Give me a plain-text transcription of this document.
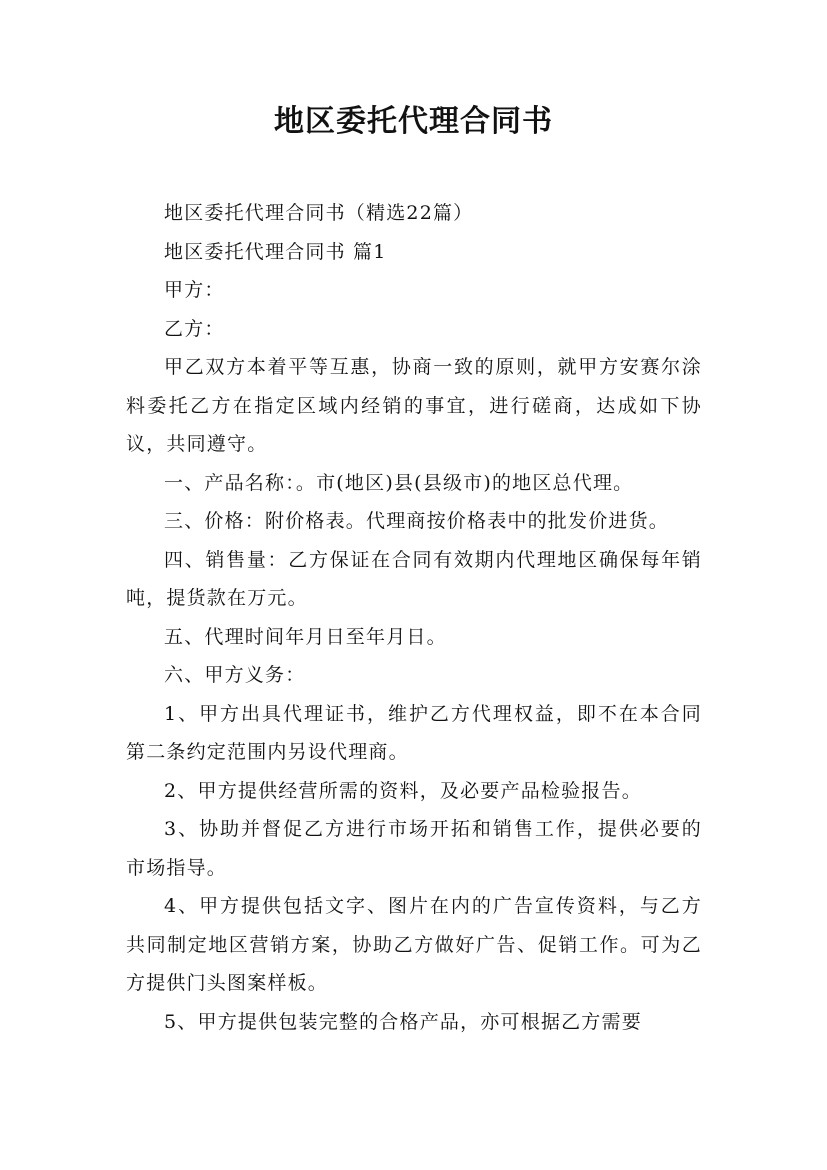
地区委托代理合同书

地区委托代理合同书（精选22篇）

地区委托代理合同书 篇1

甲方：

乙方：

甲乙双方本着平等互惠，协商一致的原则，就甲方安赛尔涂料委托乙方在指定区域内经销的事宜，进行磋商，达成如下协议，共同遵守。

一、产品名称：。市(地区)县(县级市)的地区总代理。

三、价格：附价格表。代理商按价格表中的批发价进货。

四、销售量：乙方保证在合同有效期内代理地区确保每年销吨，提货款在万元。

五、代理时间年月日至年月日。

六、甲方义务：

1、甲方出具代理证书，维护乙方代理权益，即不在本合同第二条约定范围内另设代理商。

2、甲方提供经营所需的资料，及必要产品检验报告。

3、协助并督促乙方进行市场开拓和销售工作，提供必要的市场指导。

4、甲方提供包括文字、图片在内的广告宣传资料，与乙方共同制定地区营销方案，协助乙方做好广告、促销工作。可为乙方提供门头图案样板。

5、甲方提供包装完整的合格产品，亦可根据乙方需要
